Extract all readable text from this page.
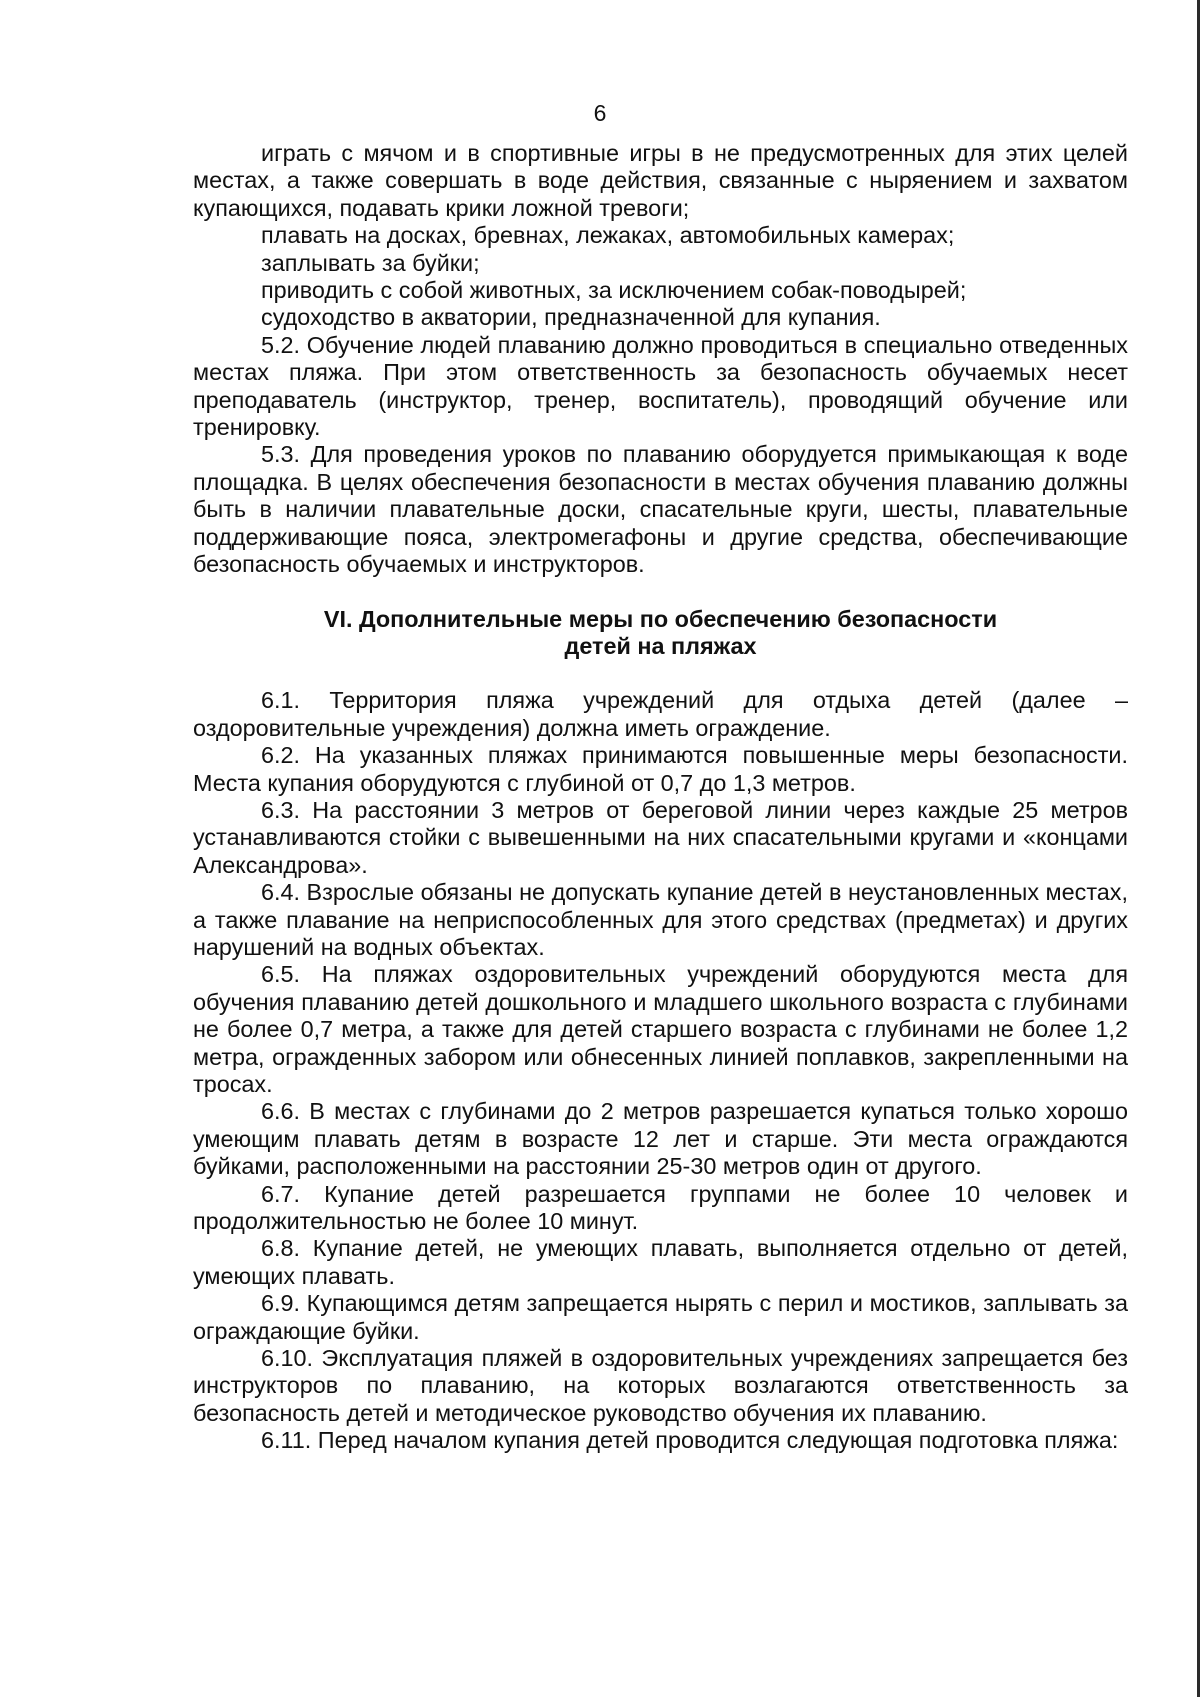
6

играть с мячом и в спортивные игры в не предусмотренных для этих целей местах, а также совершать в воде действия, связанные с ныряением и захватом купающихся, подавать крики ложной тревоги;

плавать на досках, бревнах, лежаках, автомобильных камерах;

заплывать за буйки;

приводить с собой животных, за исключением собак-поводырей;

судоходство в акватории, предназначенной для купания.

5.2. Обучение людей плаванию должно проводиться в специально отведенных местах пляжа. При этом ответственность за безопасность обучаемых несет преподаватель (инструктор, тренер, воспитатель), проводящий обучение или тренировку.

5.3. Для проведения уроков по плаванию оборудуется примыкающая к воде площадка. В целях обеспечения безопасности в местах обучения плаванию должны быть в наличии плавательные доски, спасательные круги, шесты, плавательные поддерживающие пояса, электромегафоны и другие средства, обеспечивающие безопасность обучаемых и инструкторов.

VI. Дополнительные меры по обеспечению безопасности
детей на пляжах

6.1. Территория пляжа учреждений для отдыха детей (далее – оздоровительные учреждения) должна иметь ограждение.

6.2. На указанных пляжах принимаются повышенные меры безопасности. Места купания оборудуются с глубиной от 0,7 до 1,3 метров.

6.3. На расстоянии 3 метров от береговой линии через каждые 25 метров устанавливаются стойки с вывешенными на них спасательными кругами и «концами Александрова».

6.4. Взрослые обязаны не допускать купание детей в неустановленных местах, а также плавание на неприспособленных для этого средствах (предметах) и других нарушений на водных объектах.

6.5. На пляжах оздоровительных учреждений оборудуются места для обучения плаванию детей дошкольного и младшего школьного возраста с глубинами не более 0,7 метра, а также для детей старшего возраста с глубинами не более 1,2 метра, огражденных забором или обнесенных линией поплавков, закрепленными на тросах.

6.6. В местах с глубинами до 2 метров разрешается купаться только хорошо умеющим плавать детям в возрасте 12 лет и старше. Эти места ограждаются буйками, расположенными на расстоянии 25-30 метров один от другого.

6.7. Купание детей разрешается группами не более 10 человек и продолжительностью не более 10 минут.

6.8. Купание детей, не умеющих плавать, выполняется отдельно от детей, умеющих плавать.

6.9. Купающимся детям запрещается нырять с перил и мостиков, заплывать за ограждающие буйки.

6.10. Эксплуатация пляжей в оздоровительных учреждениях запрещается без инструкторов по плаванию, на которых возлагаются ответственность за безопасность детей и методическое руководство обучения их плаванию.

6.11. Перед началом купания детей проводится следующая подготовка пляжа:
